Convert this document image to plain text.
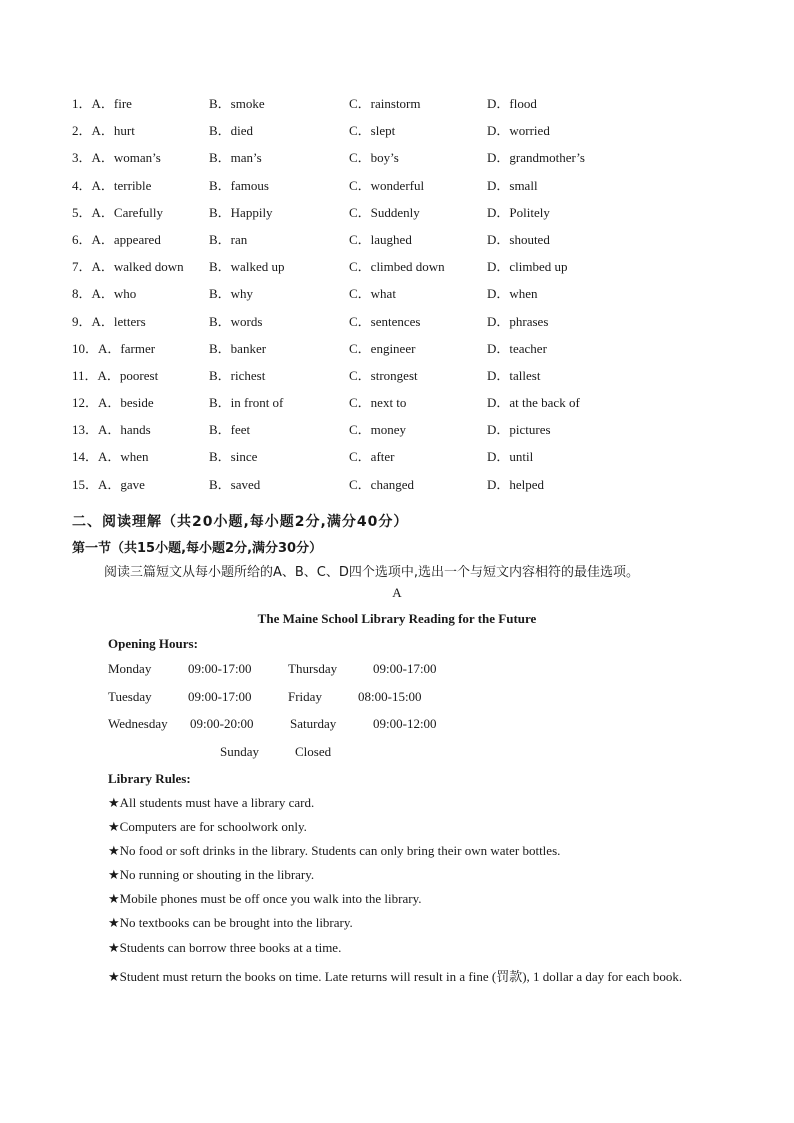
1．A．fire	B．smoke	C．rainstorm	D．flood
2．A．hurt	B．died	C．slept	D．worried
3．A．woman’s	B．man’s	C．boy’s	D．grandmother’s
4．A．terrible	B．famous	C．wonderful	D．small
5．A．Carefully	B．Happily	C．Suddenly	D．Politely
6．A．appeared	B．ran	C．laughed	D．shouted
7．A．walked down B．walked up	C．climbed down	D．climbed up
8．A．who	B．why	C．what	D．when
9．A．letters	B．words	C．sentences	D．phrases
10．A．farmer	B．banker	C．engineer	D．teacher
11．A．poorest	B．richest	C．strongest	D．tallest
12．A．beside	B．in front of	C．next to	D．at the back of
13．A．hands	B．feet	C．money	D．pictures
14．A．when	B．since	C．after	D．until
15．A．gave	B．saved	C．changed	D．helped
二、阅读理解（共20小题,每小题2分,满分40分）
第一节（共15小题,每小题2分,满分30分）
阅读三篇短文从每小题所给的A、B、C、D四个选项中,选出一个与短文内容相符的最佳选项。
A
The Maine School Library Reading for the Future
Opening Hours:
Monday	09:00-17:00	Thursday	09:00-17:00
Tuesday	09:00-17:00	Friday	08:00-15:00
Wednesday 09:00-20:00	Saturday	09:00-12:00
Sunday	Closed
Library Rules:
★All students must have a library card.
★Computers are for schoolwork only.
★No food or soft drinks in the library. Students can only bring their own water bottles.
★No running or shouting in the library.
★Mobile phones must be off once you walk into the library.
★No textbooks can be brought into the library.
★Students can borrow three books at a time.
★Student must return the books on time. Late returns will result in a fine (罚款), 1 dollar a day for each book.
